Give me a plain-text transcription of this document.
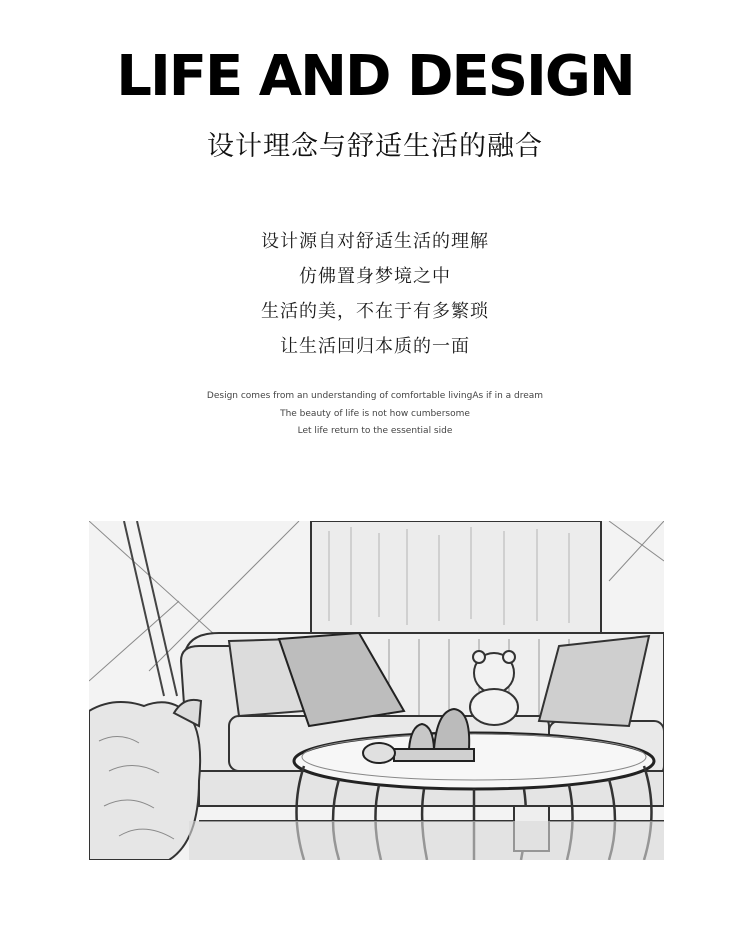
LIFE AND DESIGN
设计理念与舒适生活的融合
设计源自对舒适生活的理解
仿佛置身梦境之中
生活的美，不在于有多繁琐
让生活回归本质的一面
Design comes from an understanding of comfortable livingAs if in a dream
The beauty of life is not how cumbersome
Let life return to the essential side
